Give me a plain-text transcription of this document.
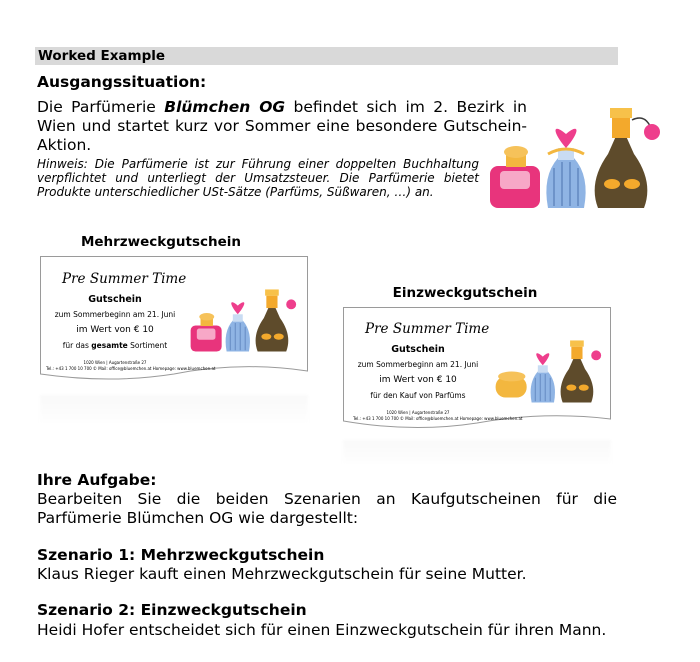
Worked Example
Ausgangssituation:
Die Parfümerie Blümchen OG befindet sich im 2. Bezirk in
Wien und startet kurz vor Sommer eine besondere Gutschein-
Aktion.
Hinweis: Die Parfümerie ist zur Führung einer doppelten Buchhaltung
verpflichtet und unterliegt der Umsatzsteuer. Die Parfümerie bietet
Produkte unterschiedlicher USt-Sätze (Parfüms, Süßwaren, …) an.
Mehrzweckgutschein
Einzweckgutschein
Pre Summer Time
Gutschein
zum Sommerbeginn am 21. Juni
im Wert von € 10
für das gesamte Sortiment
1020 Wien | Augartenstraße 27
Tel.: +43 1 700 10 700 © Mail: office@bluemchen.at Homepage: www.bluemchen.at
Pre Summer Time
Gutschein
zum Sommerbeginn am 21. Juni
im Wert von € 10
für den Kauf von Parfüms
1020 Wien | Augartenstraße 27
Tel.: +43 1 700 10 700 © Mail: office@bluemchen.at Homepage: www.bluemchen.at
Ihre Aufgabe:
Bearbeiten Sie die beiden Szenarien an Kaufgutscheinen für die
Parfümerie Blümchen OG wie dargestellt:
Szenario 1: Mehrzweckgutschein
Klaus Rieger kauft einen Mehrzweckgutschein für seine Mutter.
Szenario 2: Einzweckgutschein
Heidi Hofer entscheidet sich für einen Einzweckgutschein für ihren Mann.
